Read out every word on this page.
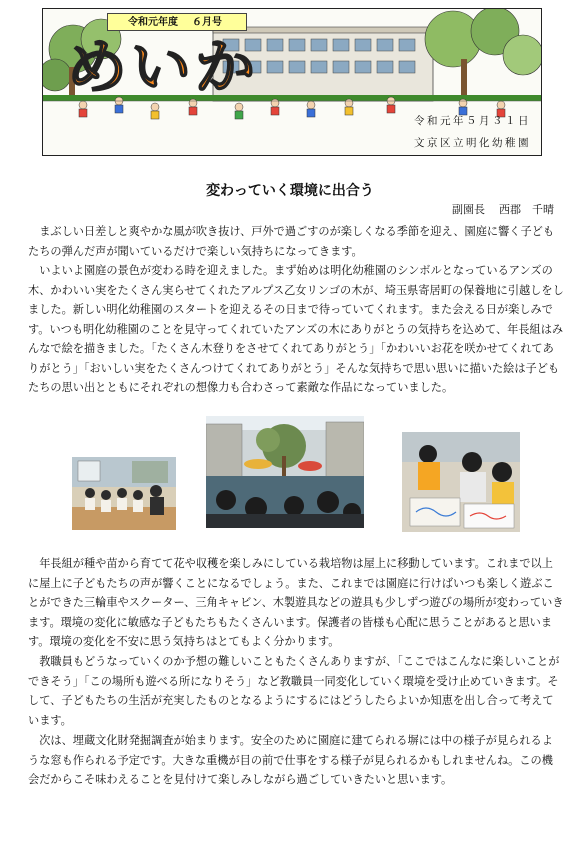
令和元年度 ６月号
めいか
令和元年５月３１日
文京区立明化幼稚園
変わっていく環境に出合う
副園長 西郡　千晴

まぶしい日差しと爽やかな風が吹き抜け、戸外で過ごすのが楽しくなる季節を迎え、園庭に響く子どもたちの弾んだ声が聞いているだけで楽しい気持ちになってきます。

いよいよ園庭の景色が変わる時を迎えました。まず始めは明化幼稚園のシンボルとなっているアンズの木、かわいい実をたくさん実らせてくれたアルプス乙女リンゴの木が、埼玉県寄居町の保養地に引越しをしました。新しい明化幼稚園のスタートを迎えるその日まで待っていてくれます。また会える日が楽しみです。いつも明化幼稚園のことを見守ってくれていたアンズの木にありがとうの気持ちを込めて、年長組はみんなで絵を描きました。「たくさん木登りをさせてくれてありがとう」「かわいいお花を咲かせてくれてありがとう」「おいしい実をたくさんつけてくれてありがとう」そんな気持ちで思い思いに描いた絵は子どもたちの思い出とともにそれぞれの想像力も合わさって素敵な作品になっていました。

年長組が種や苗から育てて花や収穫を楽しみにしている栽培物は屋上に移動しています。これまで以上に屋上に子どもたちの声が響くことになるでしょう。また、これまでは園庭に行けばいつも楽しく遊ぶことができた三輪車やスクーター、三角キャビン、木製遊具などの遊具も少しずつ遊びの場所が変わっていきます。環境の変化に敏感な子どもたちもたくさんいます。保護者の皆様も心配に思うことがあると思います。環境の変化を不安に思う気持ちはとてもよく分かります。

教職員もどうなっていくのか予想の難しいこともたくさんありますが、「ここではこんなに楽しいことができそう」「この場所も遊べる所になりそう」など教職員一同変化していく環境を受け止めていきます。そして、子どもたちの生活が充実したものとなるようにするにはどうしたらよいか知恵を出し合って考えています。

次は、埋蔵文化財発掘調査が始まります。安全のために園庭に建てられる塀には中の様子が見られるような窓も作られる予定です。大きな重機が目の前で仕事をする様子が見られるかもしれませんね。この機会だからこそ味わえることを見付けて楽しみしながら過ごしていきたいと思います。
